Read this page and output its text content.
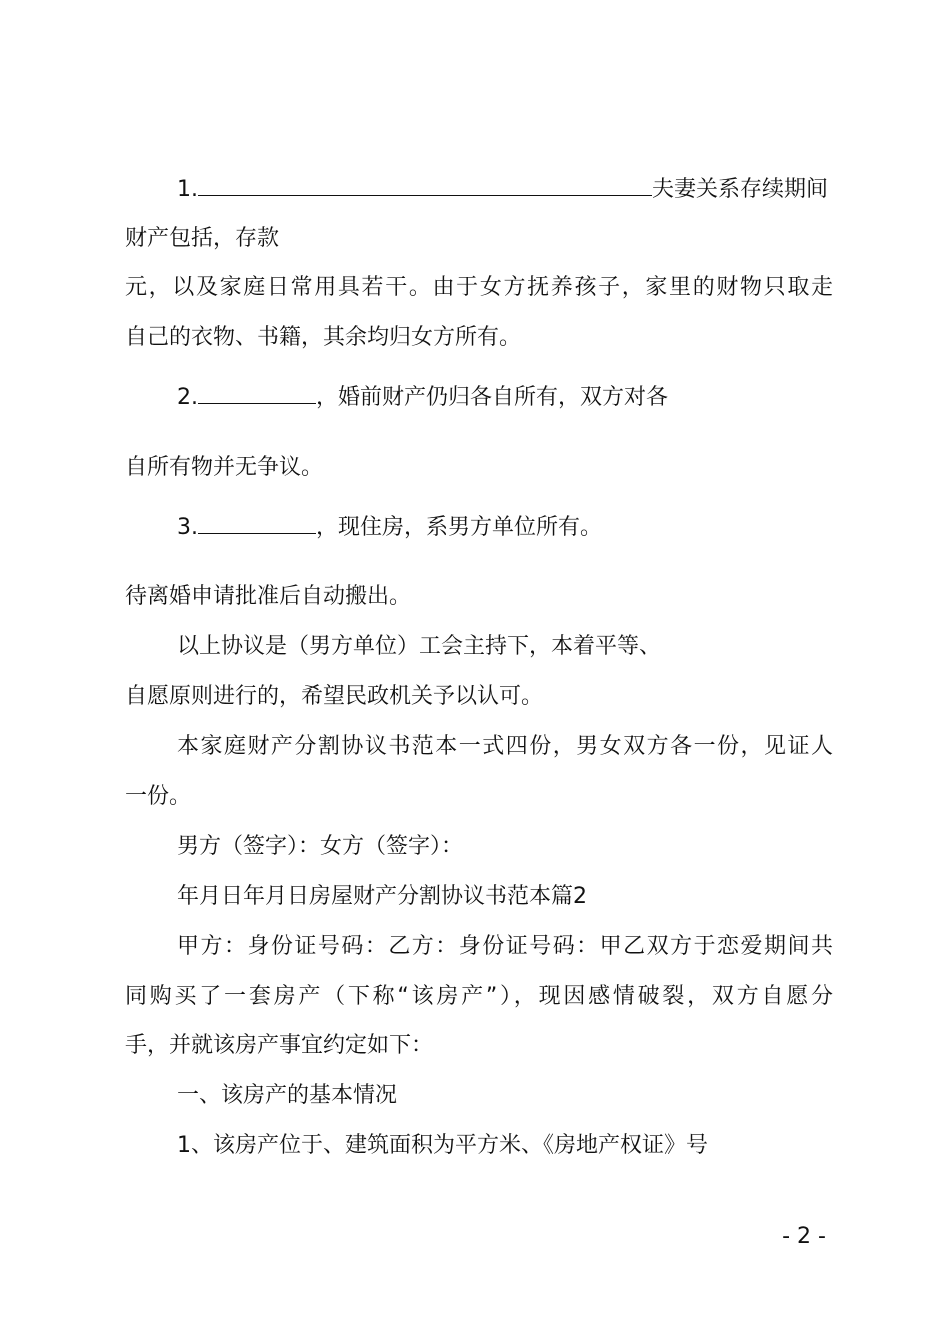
1.	夫妻关系存续期间
财产包括，存款
元，以及家庭日常用具若干。由于女方抚养孩子，家里的财物只取走
自己的衣物、书籍，其余均归女方所有。
2.	，婚前财产仍归各自所有，双方对各
自所有物并无争议。
3.	，现住房，系男方单位所有。
待离婚申请批准后自动搬出。
以上协议是（男方单位）工会主持下，本着平等、
自愿原则进行的，希望民政机关予以认可。
本家庭财产分割协议书范本一式四份，男女双方各一份，见证人
一份。
男方（签字）：女方（签字）：
年月日年月日房屋财产分割协议书范本篇2
甲方：身份证号码：乙方：身份证号码：甲乙双方于恋爱期间共
同购买了一套房产（下称“该房产”），现因感情破裂，双方自愿分
手，并就该房产事宜约定如下：
一、该房产的基本情况
1、该房产位于、建筑面积为平方米、《房地产权证》号
- 2 -
